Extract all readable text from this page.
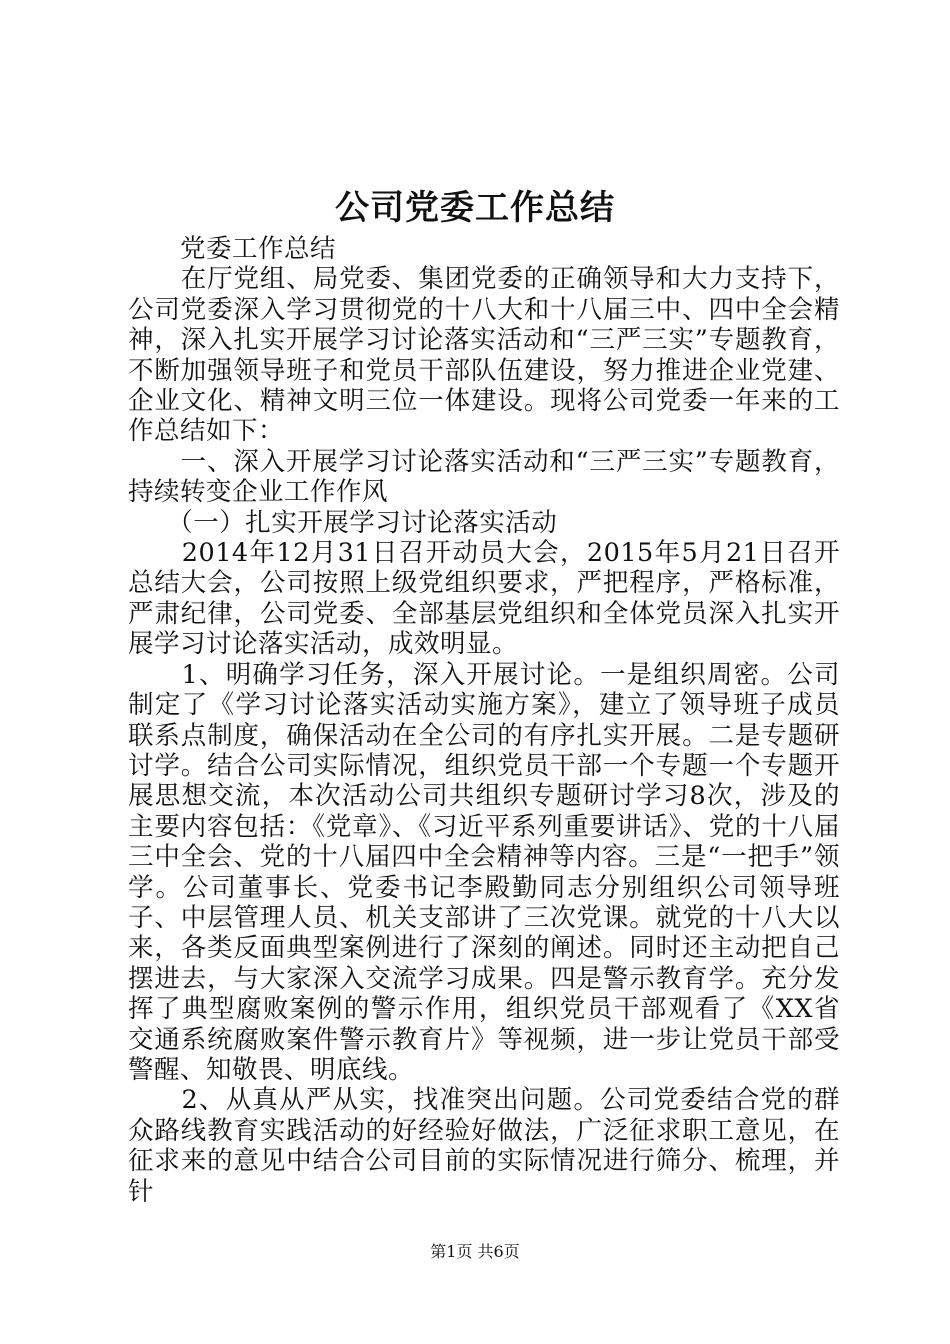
公司党委工作总结

　　党委工作总结

　　在厅党组、局党委、集团党委的正确领导和大力支持下，公司党委深入学习贯彻党的十八大和十八届三中、四中全会精神，深入扎实开展学习讨论落实活动和“三严三实”专题教育，不断加强领导班子和党员干部队伍建设，努力推进企业党建、企业文化、精神文明三位一体建设。现将公司党委一年来的工作总结如下：

　　一、深入开展学习讨论落实活动和“三严三实”专题教育，持续转变企业工作作风

　　（一）扎实开展学习讨论落实活动

　　2014年12月31日召开动员大会，2015年5月21日召开总结大会，公司按照上级党组织要求，严把程序，严格标准，严肃纪律，公司党委、全部基层党组织和全体党员深入扎实开展学习讨论落实活动，成效明显。

　　1、明确学习任务，深入开展讨论。一是组织周密。公司制定了《学习讨论落实活动实施方案》，建立了领导班子成员联系点制度，确保活动在全公司的有序扎实开展。二是专题研讨学。结合公司实际情况，组织党员干部一个专题一个专题开展思想交流，本次活动公司共组织专题研讨学习8次，涉及的主要内容包括：《党章》、《习近平系列重要讲话》、党的十八届三中全会、党的十八届四中全会精神等内容。三是“一把手”领学。公司董事长、党委书记李殿勤同志分别组织公司领导班子、中层管理人员、机关支部讲了三次党课。就党的十八大以来，各类反面典型案例进行了深刻的阐述。同时还主动把自己摆进去，与大家深入交流学习成果。四是警示教育学。充分发挥了典型腐败案例的警示作用，组织党员干部观看了《XX省交通系统腐败案件警示教育片》等视频，进一步让党员干部受警醒、知敬畏、明底线。

　　2、从真从严从实，找准突出问题。公司党委结合党的群众路线教育实践活动的好经验好做法，广泛征求职工意见，在征求来的意见中结合公司目前的实际情况进行筛分、梳理，并针

第1页 共6页
